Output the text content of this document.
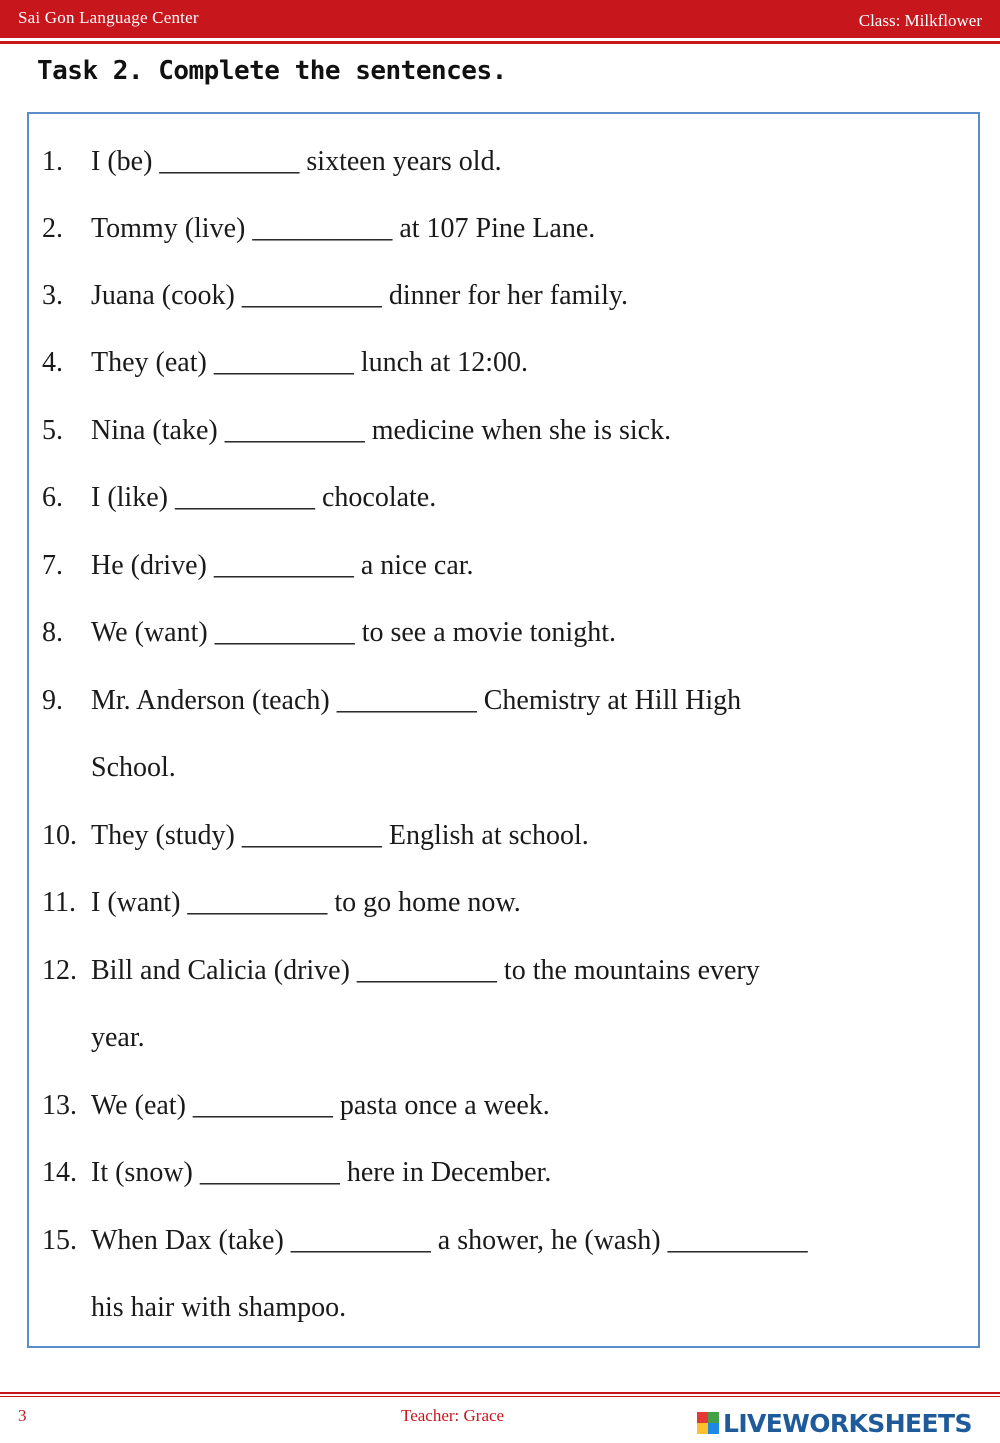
Sai Gon Language Center	Class: Milkflower
Task 2. Complete the sentences.
1.	I (be) __________ sixteen years old.
2.	Tommy (live) __________ at 107 Pine Lane.
3.	Juana (cook) __________ dinner for her family.
4.	They (eat) __________ lunch at 12:00.
5.	Nina (take) __________ medicine when she is sick.
6.	I (like) __________ chocolate.
7.	He (drive) __________ a nice car.
8.	We (want) __________ to see a movie tonight.
9.	Mr. Anderson (teach) __________ Chemistry at Hill High
School.
10. They (study) __________ English at school.
11. I (want) __________ to go home now.
12. Bill and Calicia (drive) __________ to the mountains every
year.
13. We (eat) __________ pasta once a week.
14. It (snow) __________ here in December.
15. When Dax (take) __________ a shower, he (wash) __________
his hair with shampoo.
3	Teacher: Grace	LIVEWORKSHEETS
